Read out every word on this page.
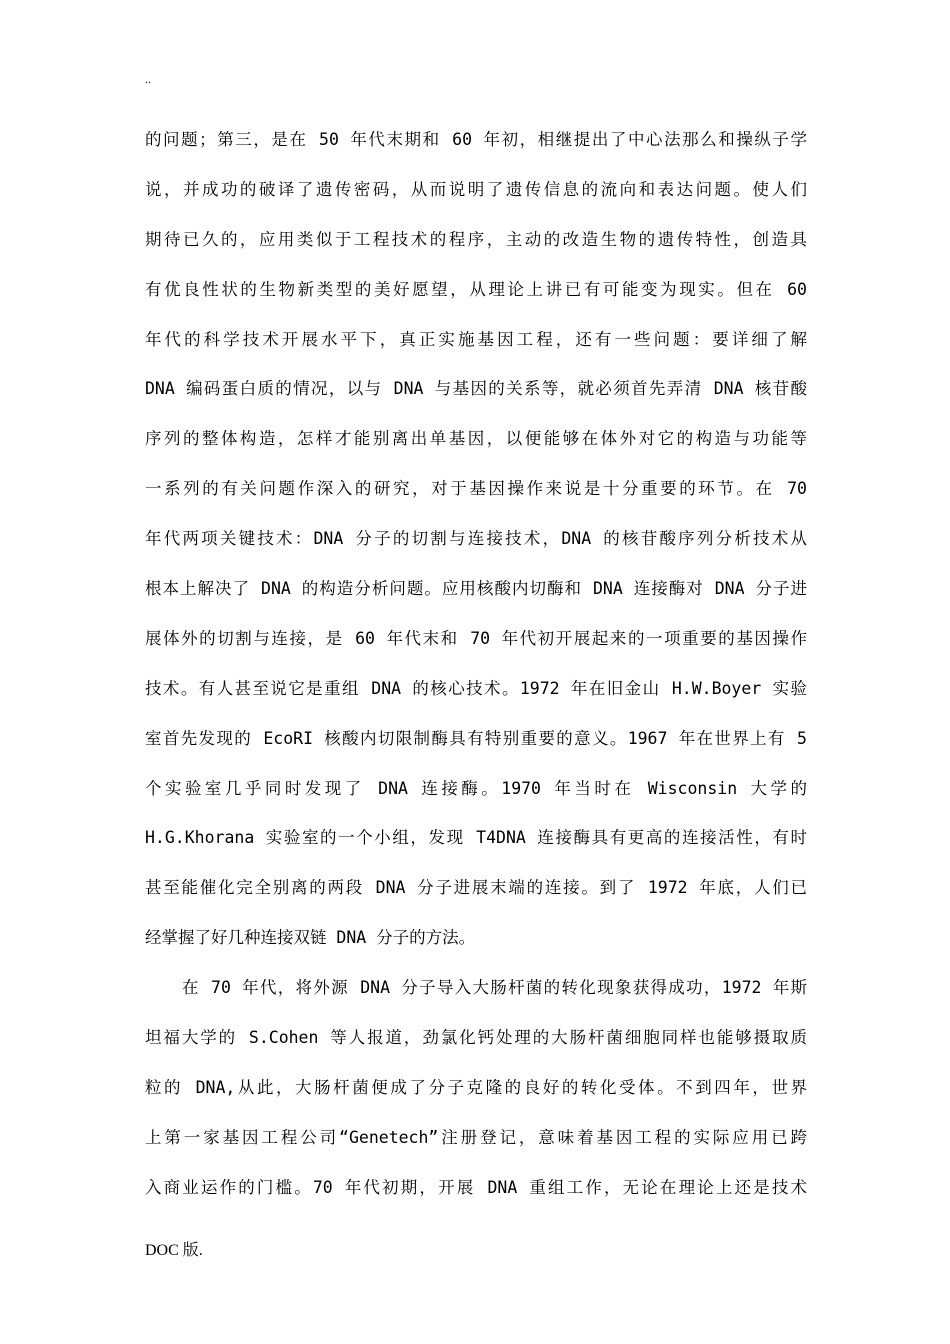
..
的问题；第三，是在 50 年代末期和 60 年初，相继提出了中心法那么和操纵子学
说，并成功的破译了遗传密码，从而说明了遗传信息的流向和表达问题。使人们
期待已久的，应用类似于工程技术的程序，主动的改造生物的遗传特性，创造具
有优良性状的生物新类型的美好愿望，从理论上讲已有可能变为现实。但在 60
年代的科学技术开展水平下，真正实施基因工程，还有一些问题：要详细了解
DNA 编码蛋白质的情况，以与 DNA 与基因的关系等，就必须首先弄清 DNA 核苷酸
序列的整体构造，怎样才能别离出单基因，以便能够在体外对它的构造与功能等
一系列的有关问题作深入的研究，对于基因操作来说是十分重要的环节。在 70
年代两项关键技术：DNA 分子的切割与连接技术，DNA 的核苷酸序列分析技术从
根本上解决了 DNA 的构造分析问题。应用核酸内切酶和 DNA 连接酶对 DNA 分子进
展体外的切割与连接，是 60 年代末和 70 年代初开展起来的一项重要的基因操作
技术。有人甚至说它是重组 DNA 的核心技术。1972 年在旧金山 H.W.Boyer 实验
室首先发现的 EcoRI 核酸内切限制酶具有特别重要的意义。1967 年在世界上有 5
个实验室几乎同时发现了 DNA 连接酶。1970 年当时在 Wisconsin 大学的
H.G.Khorana 实验室的一个小组，发现 T4DNA 连接酶具有更高的连接活性，有时
甚至能催化完全别离的两段 DNA 分子进展末端的连接。到了 1972 年底，人们已
经掌握了好几种连接双链 DNA 分子的方法。
在 70 年代，将外源 DNA 分子导入大肠杆菌的转化现象获得成功，1972 年斯
坦福大学的 S.Cohen 等人报道，劲氯化钙处理的大肠杆菌细胞同样也能够摄取质
粒的 DNA,从此，大肠杆菌便成了分子克隆的良好的转化受体。不到四年，世界
上第一家基因工程公司“Genetech”注册登记，意味着基因工程的实际应用已跨
入商业运作的门槛。70 年代初期，开展 DNA 重组工作，无论在理论上还是技术
DOC 版.
